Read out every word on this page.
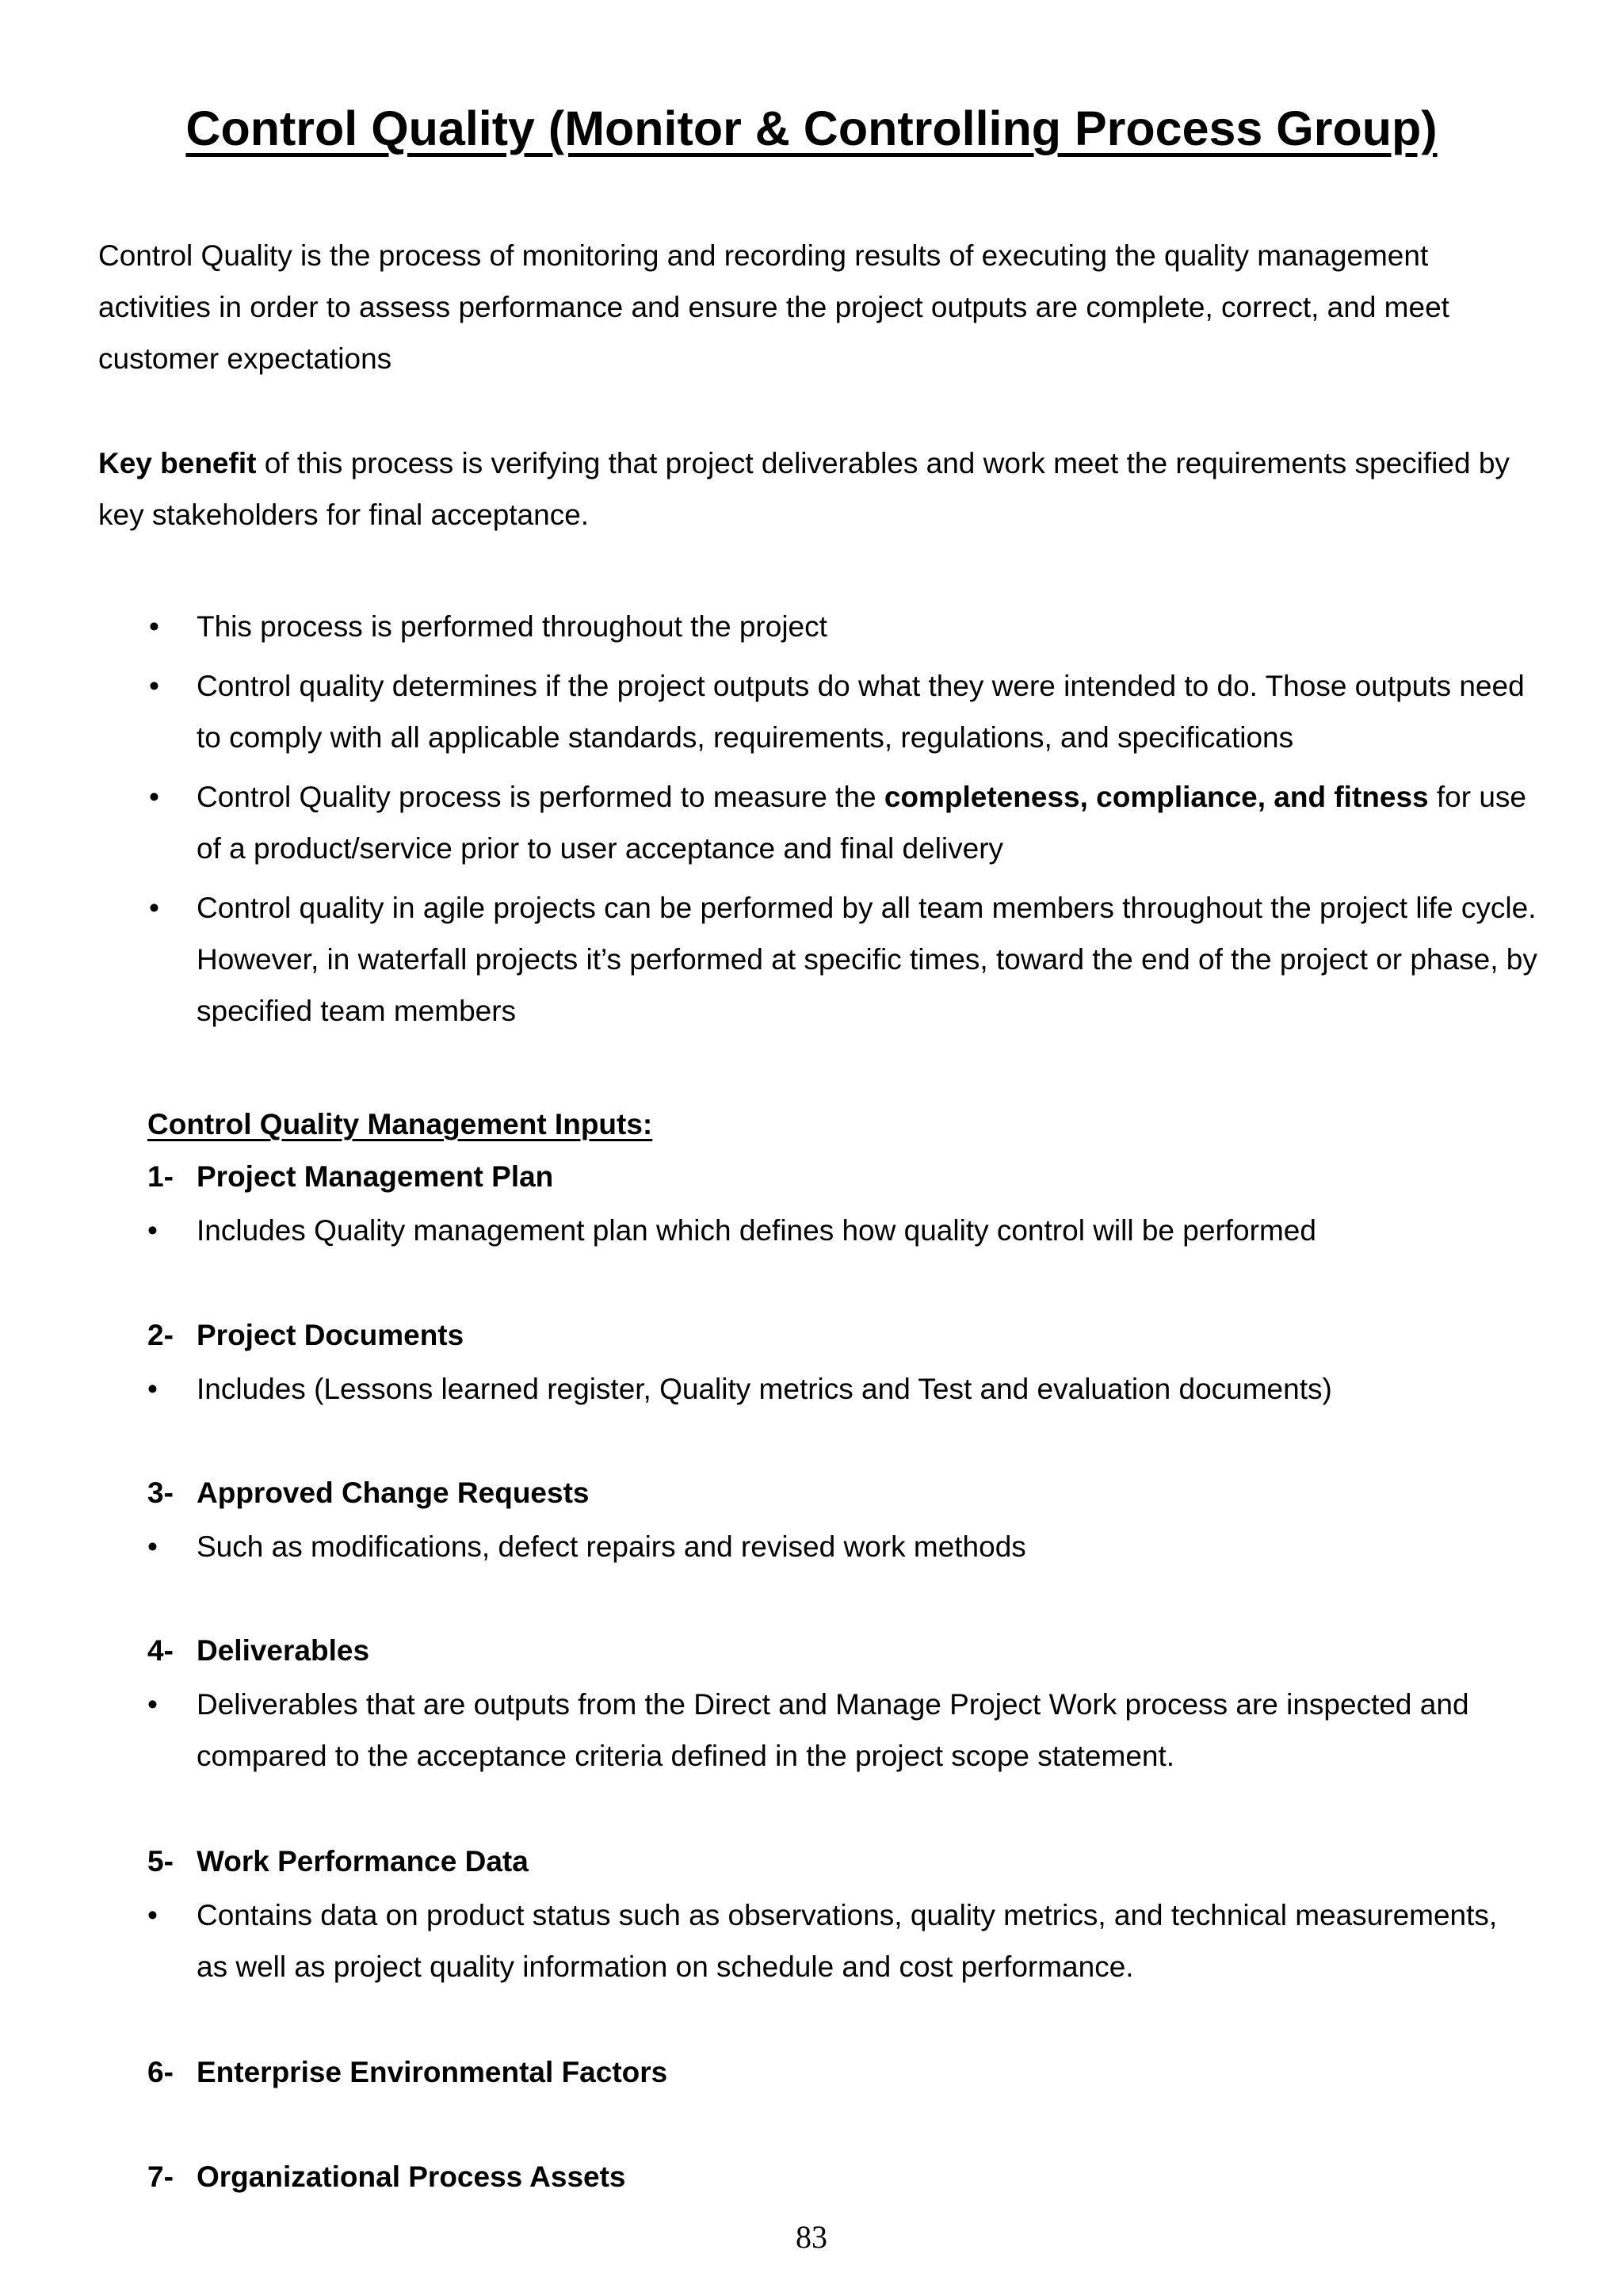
Control Quality (Monitor & Controlling Process Group)
Control Quality is the process of monitoring and recording results of executing the quality management activities in order to assess performance and ensure the project outputs are complete, correct, and meet customer expectations
Key benefit of this process is verifying that project deliverables and work meet the requirements specified by key stakeholders for final acceptance.
• This process is performed throughout the project
• Control quality determines if the project outputs do what they were intended to do. Those outputs need to comply with all applicable standards, requirements, regulations, and specifications
• Control Quality process is performed to measure the completeness, compliance, and fitness for use of a product/service prior to user acceptance and final delivery
• Control quality in agile projects can be performed by all team members throughout the project life cycle. However, in waterfall projects it’s performed at specific times, toward the end of the project or phase, by specified team members
Control Quality Management Inputs:
1- Project Management Plan
• Includes Quality management plan which defines how quality control will be performed
2- Project Documents
• Includes (Lessons learned register, Quality metrics and Test and evaluation documents)
3- Approved Change Requests
• Such as modifications, defect repairs and revised work methods
4- Deliverables
• Deliverables that are outputs from the Direct and Manage Project Work process are inspected and compared to the acceptance criteria defined in the project scope statement.
5- Work Performance Data
• Contains data on product status such as observations, quality metrics, and technical measurements, as well as project quality information on schedule and cost performance.
6- Enterprise Environmental Factors
7- Organizational Process Assets
83
